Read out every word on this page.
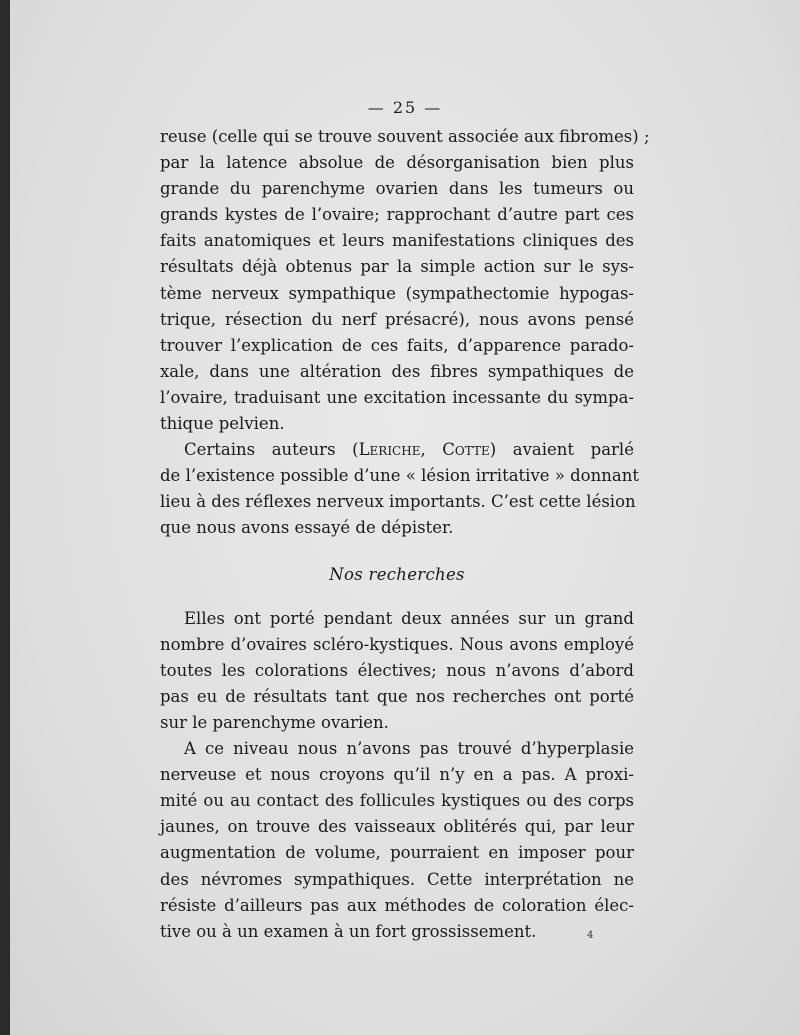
— 25 —

reuse (celle qui se trouve souvent associée aux fibromes) ;
par la latence absolue de désorganisation bien plus
grande du parenchyme ovarien dans les tumeurs ou
grands kystes de l’ovaire; rapprochant d’autre part ces
faits anatomiques et leurs manifestations cliniques des
résultats déjà obtenus par la simple action sur le sys-
tème nerveux sympathique (sympathectomie hypogas-
trique, résection du nerf présacré), nous avons pensé
trouver l’explication de ces faits, d’apparence parado-
xale, dans une altération des fibres sympathiques de
l’ovaire, traduisant une excitation incessante du sympa-
thique pelvien.

Certains auteurs (Leriche, Cotte) avaient parlé
de l’existence possible d’une « lésion irritative » donnant
lieu à des réflexes nerveux importants. C’est cette lésion
que nous avons essayé de dépister.

Nos recherches

Elles ont porté pendant deux années sur un grand
nombre d’ovaires scléro-kystiques. Nous avons employé
toutes les colorations électives; nous n’avons d’abord
pas eu de résultats tant que nos recherches ont porté
sur le parenchyme ovarien.

A ce niveau nous n’avons pas trouvé d’hyperplasie
nerveuse et nous croyons qu’il n’y en a pas. A proxi-
mité ou au contact des follicules kystiques ou des corps
jaunes, on trouve des vaisseaux oblitérés qui, par leur
augmentation de volume, pourraient en imposer pour
des névromes sympathiques. Cette interprétation ne
résiste d’ailleurs pas aux méthodes de coloration élec-
tive ou à un examen à un fort grossissement.	4
